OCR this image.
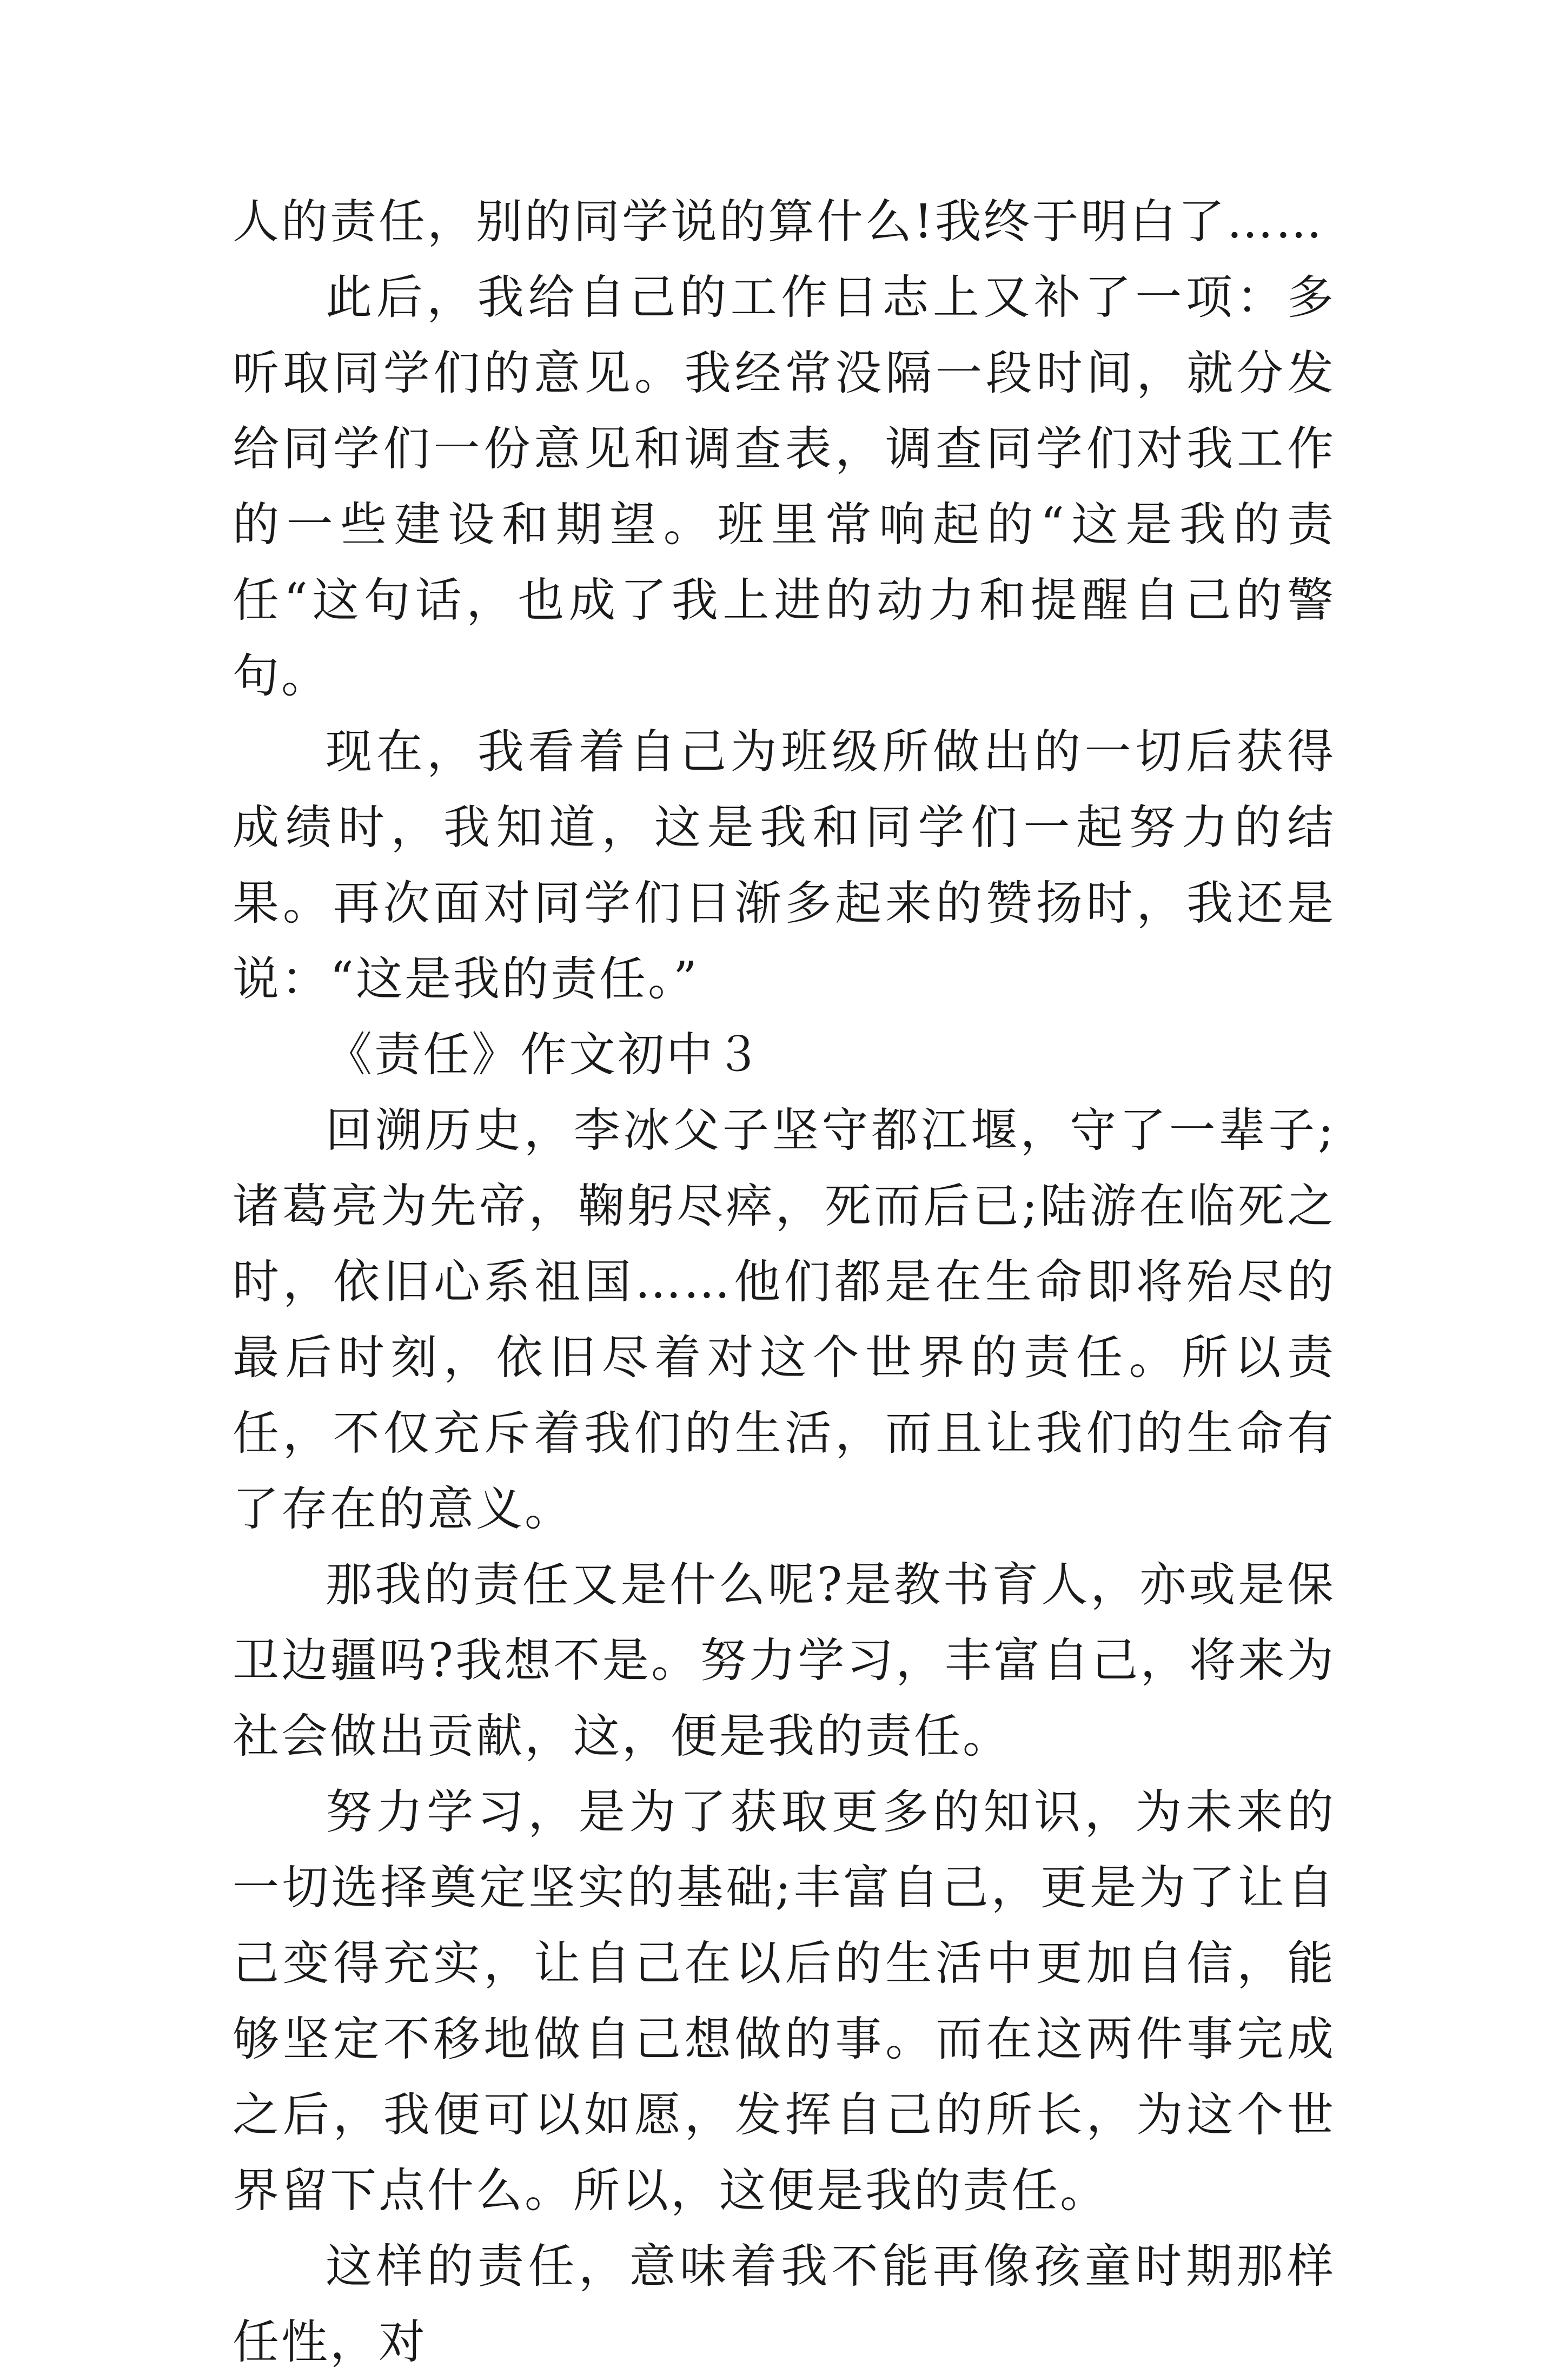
人的责任，别的同学说的算什么!我终于明白了……

此后，我给自己的工作日志上又补了一项：多听取同学们的意见。我经常没隔一段时间，就分发给同学们一份意见和调查表，调查同学们对我工作的一些建设和期望。班里常响起的“这是我的责任“这句话，也成了我上进的动力和提醒自己的警句。

现在，我看着自己为班级所做出的一切后获得成绩时，我知道，这是我和同学们一起努力的结果。再次面对同学们日渐多起来的赞扬时，我还是说：“这是我的责任。”

《责任》作文初中３

回溯历史，李冰父子坚守都江堰，守了一辈子;诸葛亮为先帝，鞠躬尽瘁，死而后已;陆游在临死之时，依旧心系祖国……他们都是在生命即将殆尽的最后时刻，依旧尽着对这个世界的责任。所以责任，不仅充斥着我们的生活，而且让我们的生命有了存在的意义。

那我的责任又是什么呢?是教书育人，亦或是保卫边疆吗?我想不是。努力学习，丰富自己，将来为社会做出贡献，这，便是我的责任。

努力学习，是为了获取更多的知识，为未来的一切选择奠定坚实的基础;丰富自己，更是为了让自己变得充实，让自己在以后的生活中更加自信，能够坚定不移地做自己想做的事。而在这两件事完成之后，我便可以如愿，发挥自己的所长，为这个世界留下点什么。所以，这便是我的责任。

这样的责任，意味着我不能再像孩童时期那样任性，对
